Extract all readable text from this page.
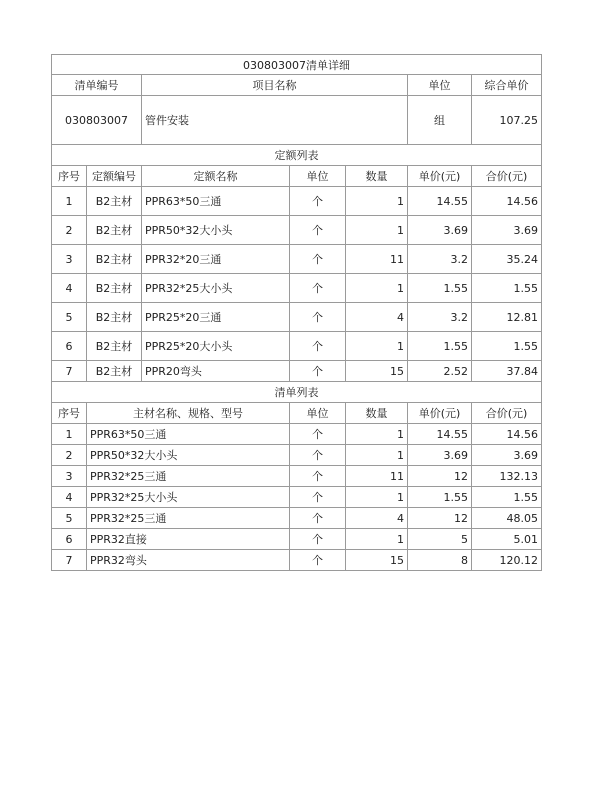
030803007清单详细						
清单编号		项目名称			单位	综合单价
030803007		管件安装			组	107.25
定额列表						
序号	定额编号	定额名称	单位	数量	单价(元)	合价(元)
1	B2主材	PPR63*50三通	个	1	14.55	14.56
2	B2主材	PPR50*32大小头	个	1	3.69	3.69
3	B2主材	PPR32*20三通	个	11	3.2	35.24
4	B2主材	PPR32*25大小头	个	1	1.55	1.55
5	B2主材	PPR25*20三通	个	4	3.2	12.81
6	B2主材	PPR25*20大小头	个	1	1.55	1.55
7	B2主材	PPR20弯头	个	15	2.52	37.84
清单列表						
序号	主材名称、规格、型号		单位	数量	单价(元)	合价(元)
1	PPR63*50三通		个	1	14.55	14.56
2	PPR50*32大小头		个	1	3.69	3.69
3	PPR32*25三通		个	11	12	132.13
4	PPR32*25大小头		个	1	1.55	1.55
5	PPR32*25三通		个	4	12	48.05
6	PPR32直接		个	1	5	5.01
7	PPR32弯头		个	15	8	120.12
